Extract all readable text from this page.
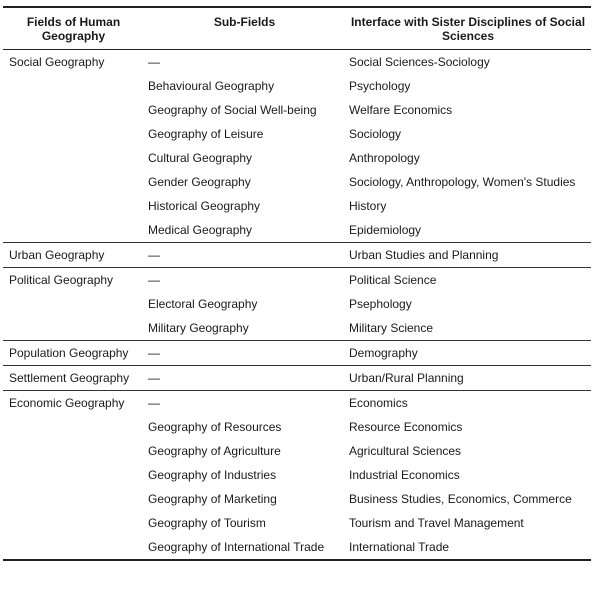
Fields of Human Geography	Sub-Fields	Interface with Sister Disciplines of Social Sciences
Social Geography	—	Social Sciences-Sociology
	Behavioural Geography	Psychology
	Geography of Social Well-being	Welfare Economics
	Geography of Leisure	Sociology
	Cultural Geography	Anthropology
	Gender Geography	Sociology, Anthropology, Women's Studies
	Historical Geography	History
	Medical Geography	Epidemiology
Urban Geography	—	Urban Studies and Planning
Political Geography	—	Political Science
	Electoral Geography	Psephology
	Military Geography	Military Science
Population Geography	—	Demography
Settlement Geography	—	Urban/Rural Planning
Economic Geography	—	Economics
	Geography of Resources	Resource Economics
	Geography of Agriculture	Agricultural Sciences
	Geography of Industries	Industrial Economics
	Geography of Marketing	Business Studies, Economics, Commerce
	Geography of Tourism	Tourism and Travel Management
	Geography of International Trade	International Trade
